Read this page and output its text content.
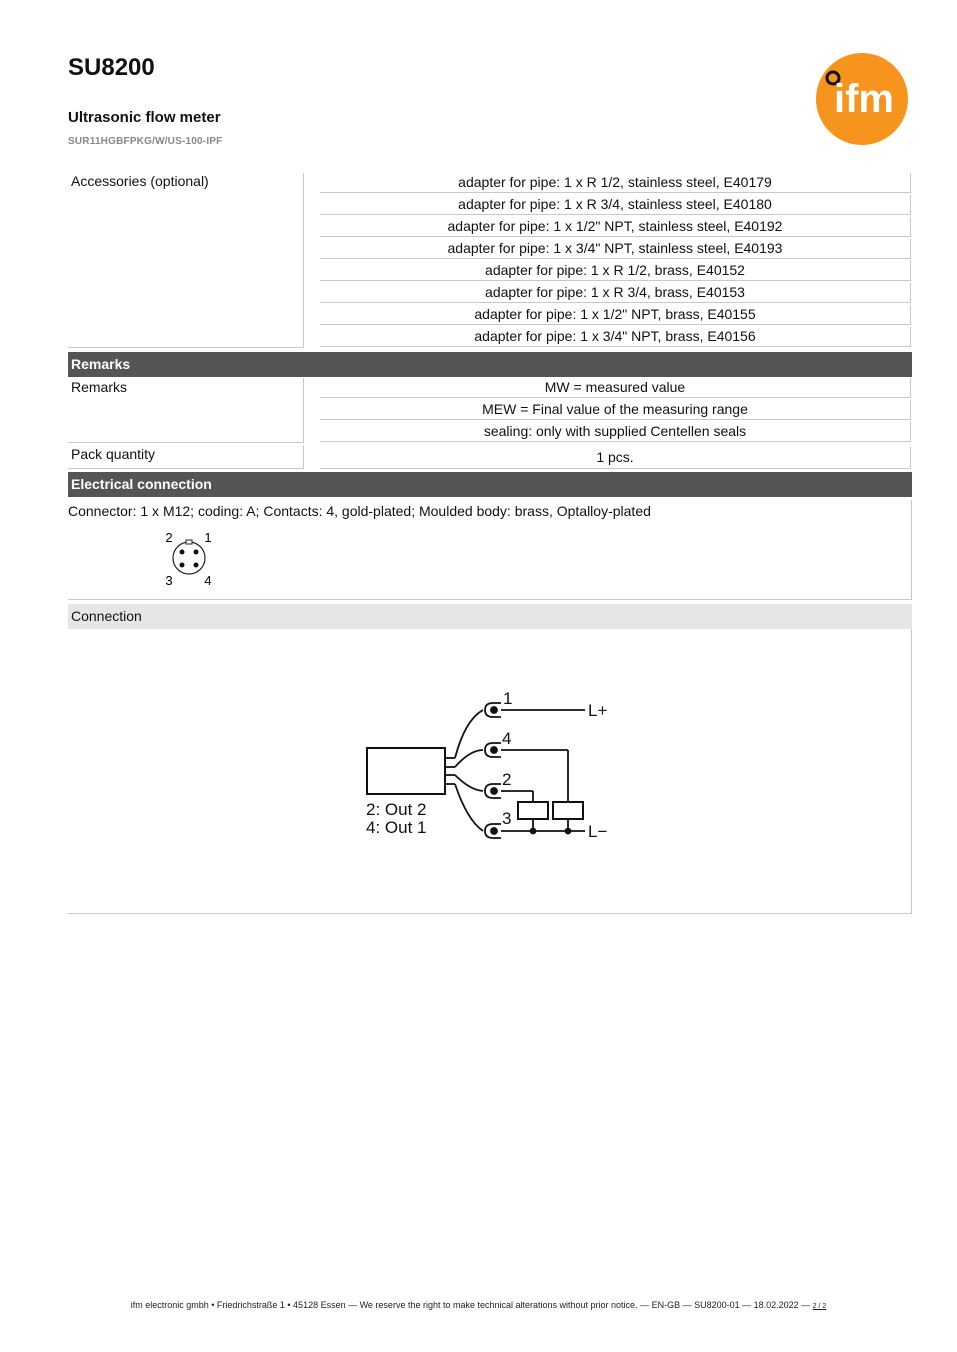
SU8200
Ultrasonic flow meter
SUR11HGBFPKG/W/US-100-IPF
ifm
Accessories (optional)	adapter for pipe: 1 x R 1/2, stainless steel, E40179
adapter for pipe: 1 x R 3/4, stainless steel, E40180
adapter for pipe: 1 x 1/2" NPT, stainless steel, E40192
adapter for pipe: 1 x 3/4" NPT, stainless steel, E40193
adapter for pipe: 1 x R 1/2, brass, E40152
adapter for pipe: 1 x R 3/4, brass, E40153
adapter for pipe: 1 x 1/2" NPT, brass, E40155
adapter for pipe: 1 x 3/4" NPT, brass, E40156
Remarks
Remarks	MW = measured value
MEW = Final value of the measuring range
sealing: only with supplied Centellen seals
Pack quantity	1 pcs.
Electrical connection
Connector: 1 x M12; coding: A; Contacts: 4, gold-plated; Moulded body: brass, Optalloy-plated
2 1
3 4
Connection
1
4
2
3
L+
L−
2: Out 2
4: Out 1
ifm electronic gmbh • Friedrichstraße 1 • 45128 Essen — We reserve the right to make technical alterations without prior notice. — EN-GB — SU8200-01 — 18.02.2022 — 2 / 2
